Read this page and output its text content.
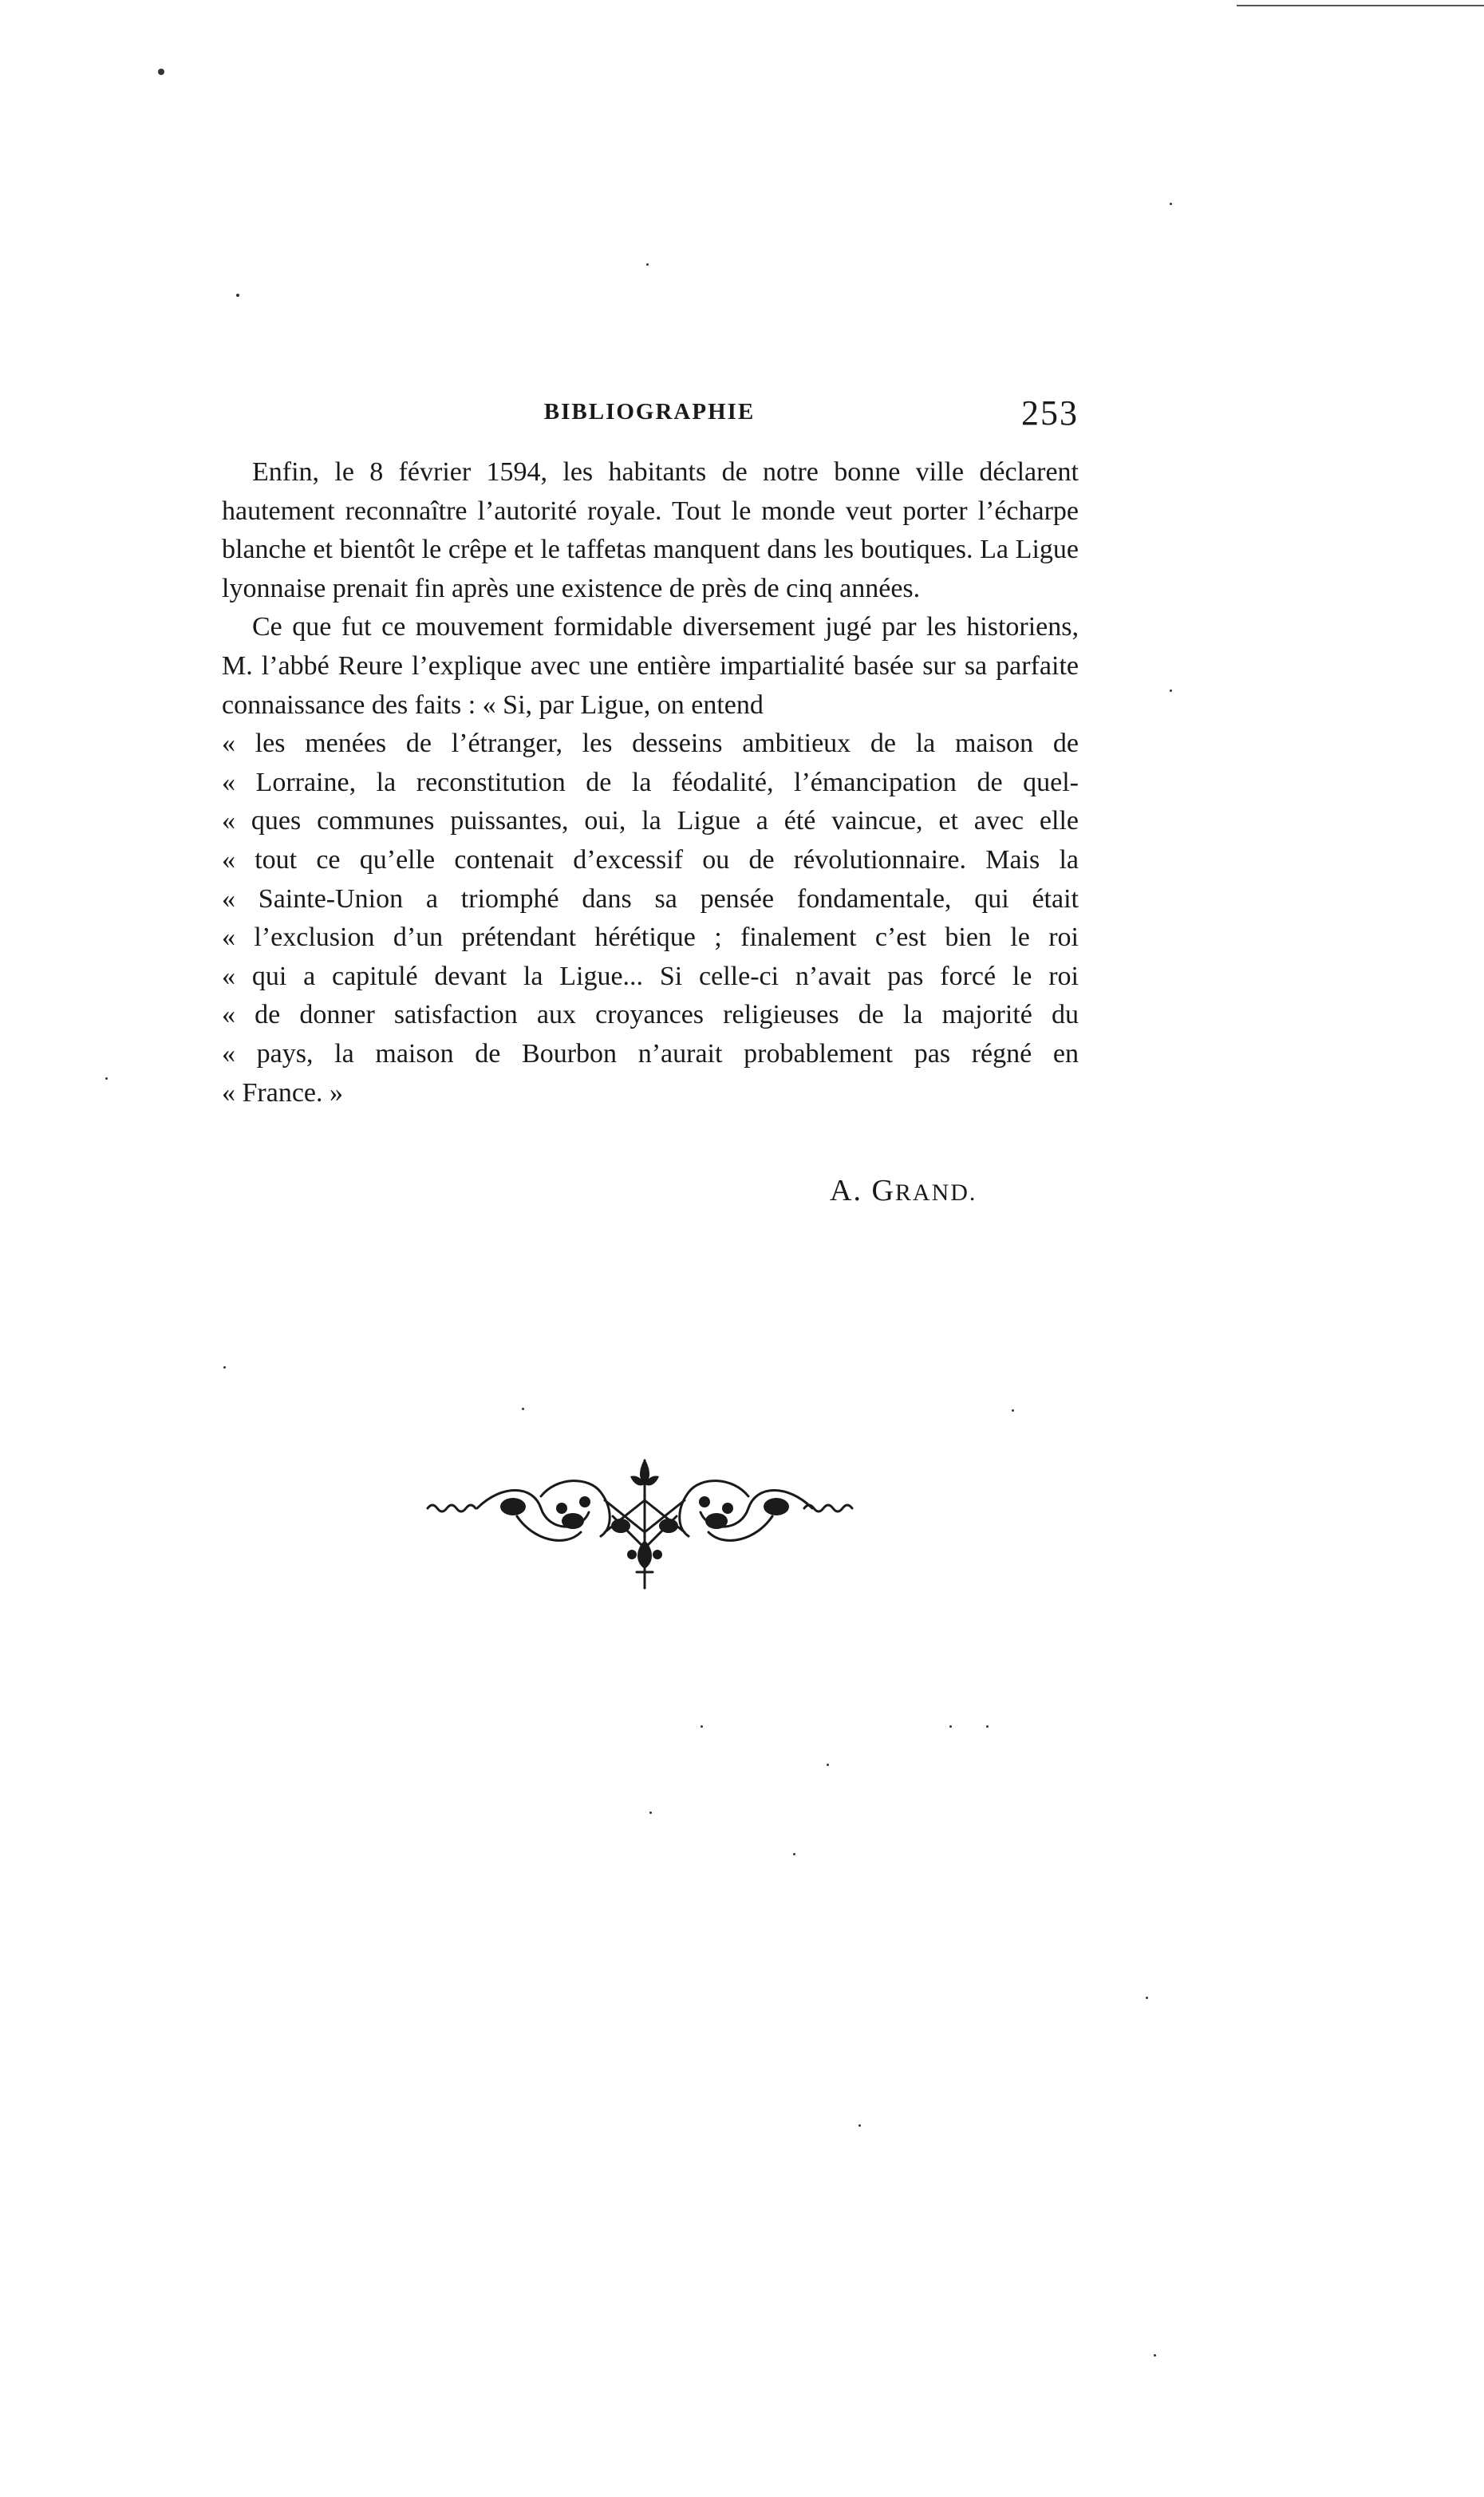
BIBLIOGRAPHIE	253

Enfin, le 8 février 1594, les habitants de notre bonne ville déclarent hautement reconnaître l’autorité royale. Tout le monde veut porter l’écharpe blanche et bientôt le crêpe et le taffetas manquent dans les boutiques. La Ligue lyonnaise prenait fin après une existence de près de cinq années.

Ce que fut ce mouvement formidable diversement jugé par les historiens, M. l’abbé Reure l’explique avec une entière impartialité basée sur sa parfaite connaissance des faits : « Si, par Ligue, on entend

« les menées de l’étranger, les desseins ambitieux de la maison de
« Lorraine, la reconstitution de la féodalité, l’émancipation de quel-
« ques communes puissantes, oui, la Ligue a été vaincue, et avec elle
« tout ce qu’elle contenait d’excessif ou de révolutionnaire. Mais la
« Sainte-Union a triomphé dans sa pensée fondamentale, qui était
« l’exclusion d’un prétendant hérétique ; finalement c’est bien le roi
« qui a capitulé devant la Ligue... Si celle-ci n’avait pas forcé le roi
« de donner satisfaction aux croyances religieuses de la majorité du
« pays, la maison de Bourbon n’aurait probablement pas régné en
« France. »
A. GRAND.
